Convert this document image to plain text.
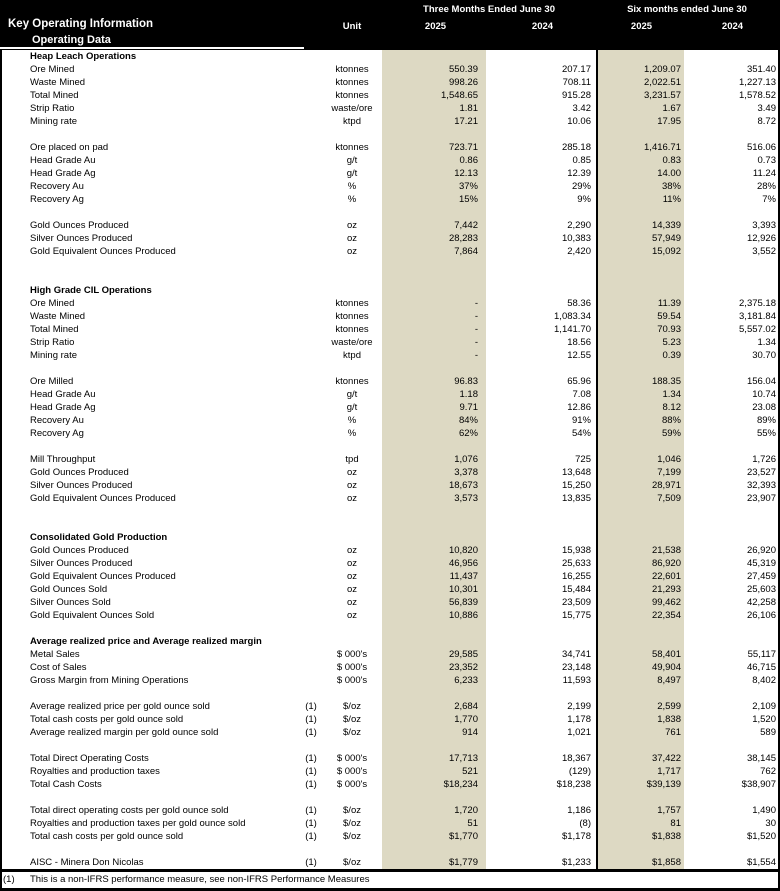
Three Months Ended June 30	Six months ended June 30
Key Operating Information	Unit	2025	2024	2025	2024
Operating Data
Heap Leach Operations
Ore Mined	ktonnes	550.39	207.17	1,209.07	351.40
Waste Mined	ktonnes	998.26	708.11	2,022.51	1,227.13
Total Mined	ktonnes	1,548.65	915.28	3,231.57	1,578.52
Strip Ratio	waste/ore	1.81	3.42	1.67	3.49
Mining rate	ktpd	17.21	10.06	17.95	8.72
Ore placed on pad	ktonnes	723.71	285.18	1,416.71	516.06
Head Grade Au	g/t	0.86	0.85	0.83	0.73
Head Grade Ag	g/t	12.13	12.39	14.00	11.24
Recovery Au	%	37%	29%	38%	28%
Recovery Ag	%	15%	9%	11%	7%
Gold Ounces Produced	oz	7,442	2,290	14,339	3,393
Silver Ounces Produced	oz	28,283	10,383	57,949	12,926
Gold Equivalent Ounces Produced	oz	7,864	2,420	15,092	3,552
High Grade CIL Operations
Ore Mined	ktonnes	-	58.36	11.39	2,375.18
Waste Mined	ktonnes	-	1,083.34	59.54	3,181.84
Total Mined	ktonnes	-	1,141.70	70.93	5,557.02
Strip Ratio	waste/ore	-	18.56	5.23	1.34
Mining rate	ktpd	-	12.55	0.39	30.70
Ore Milled	ktonnes	96.83	65.96	188.35	156.04
Head Grade Au	g/t	1.18	7.08	1.34	10.74
Head Grade Ag	g/t	9.71	12.86	8.12	23.08
Recovery Au	%	84%	91%	88%	89%
Recovery Ag	%	62%	54%	59%	55%
Mill Throughput	tpd	1,076	725	1,046	1,726
Gold Ounces Produced	oz	3,378	13,648	7,199	23,527
Silver Ounces Produced	oz	18,673	15,250	28,971	32,393
Gold Equivalent Ounces Produced	oz	3,573	13,835	7,509	23,907
Consolidated Gold Production
Gold Ounces Produced	oz	10,820	15,938	21,538	26,920
Silver Ounces Produced	oz	46,956	25,633	86,920	45,319
Gold Equivalent Ounces Produced	oz	11,437	16,255	22,601	27,459
Gold Ounces Sold	oz	10,301	15,484	21,293	25,603
Silver Ounces Sold	oz	56,839	23,509	99,462	42,258
Gold Equivalent Ounces Sold	oz	10,886	15,775	22,354	26,106
Average realized price and Average realized margin
Metal Sales	$ 000's	29,585	34,741	58,401	55,117
Cost of Sales	$ 000's	23,352	23,148	49,904	46,715
Gross Margin from Mining Operations	$ 000's	6,233	11,593	8,497	8,402
Average realized price per gold ounce sold	(1)	$/oz	2,684	2,199	2,599	2,109
Total cash costs per gold ounce sold	(1)	$/oz	1,770	1,178	1,838	1,520
Average realized margin per gold ounce sold	(1)	$/oz	914	1,021	761	589
Total Direct Operating Costs	(1)	$ 000's	17,713	18,367	37,422	38,145
Royalties and production taxes	(1)	$ 000's	521	(129)	1,717	762
Total Cash Costs	(1)	$ 000's	$18,234	$18,238	$39,139	$38,907
Total direct operating costs per gold ounce sold	(1)	$/oz	1,720	1,186	1,757	1,490
Royalties and production taxes per gold ounce sold	(1)	$/oz	51	(8)	81	30
Total cash costs per gold ounce sold	(1)	$/oz	$1,770	$1,178	$1,838	$1,520
AISC - Minera Don Nicolas	(1)	$/oz	$1,779	$1,233	$1,858	$1,554
(1) This is a non-IFRS performance measure, see non-IFRS Performance Measures
